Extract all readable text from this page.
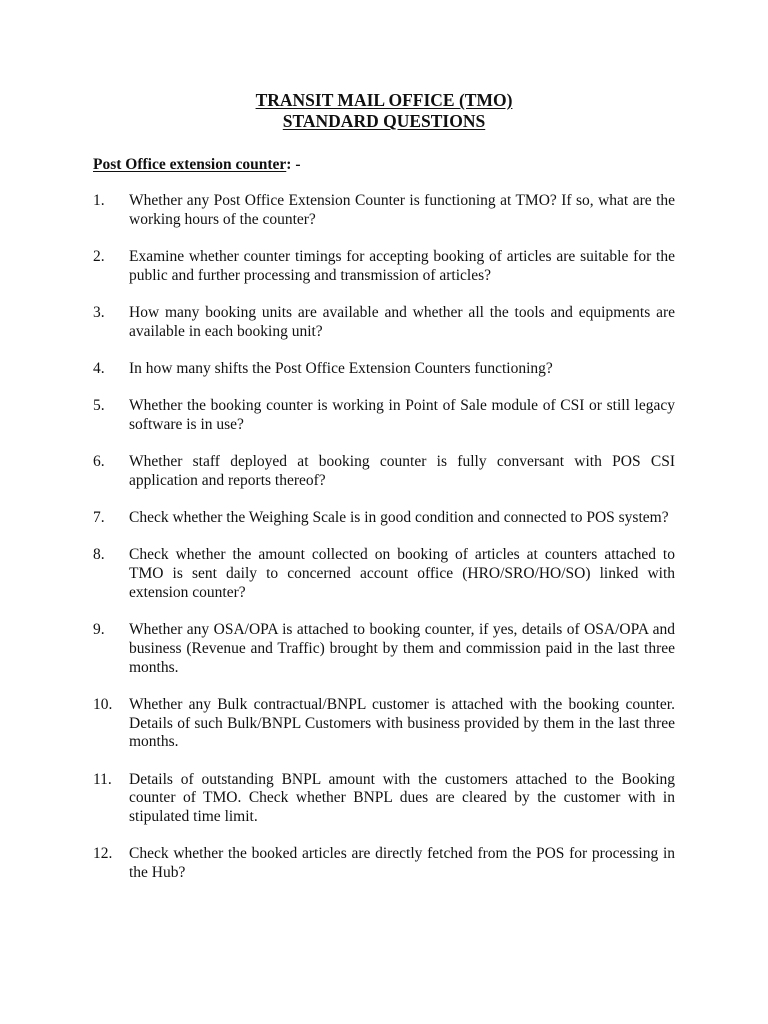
TRANSIT MAIL OFFICE (TMO)
STANDARD QUESTIONS
Post Office extension counter: -
1. Whether any Post Office Extension Counter is functioning at TMO? If so, what are the working hours of the counter?
2. Examine whether counter timings for accepting booking of articles are suitable for the public and further processing and transmission of articles?
3. How many booking units are available and whether all the tools and equipments are available in each booking unit?
4. In how many shifts the Post Office Extension Counters functioning?
5. Whether the booking counter is working in Point of Sale module of CSI or still legacy software is in use?
6. Whether staff deployed at booking counter is fully conversant with POS CSI application and reports thereof?
7. Check whether the Weighing Scale is in good condition and connected to POS system?
8. Check whether the amount collected on booking of articles at counters attached to TMO is sent daily to concerned account office (HRO/SRO/HO/SO) linked with extension counter?
9. Whether any OSA/OPA is attached to booking counter, if yes, details of OSA/OPA and business (Revenue and Traffic) brought by them and commission paid in the last three months.
10. Whether any Bulk contractual/BNPL customer is attached with the booking counter. Details of such Bulk/BNPL Customers with business provided by them in the last three months.
11. Details of outstanding BNPL amount with the customers attached to the Booking counter of TMO. Check whether BNPL dues are cleared by the customer with in stipulated time limit.
12. Check whether the booked articles are directly fetched from the POS for processing in the Hub?
